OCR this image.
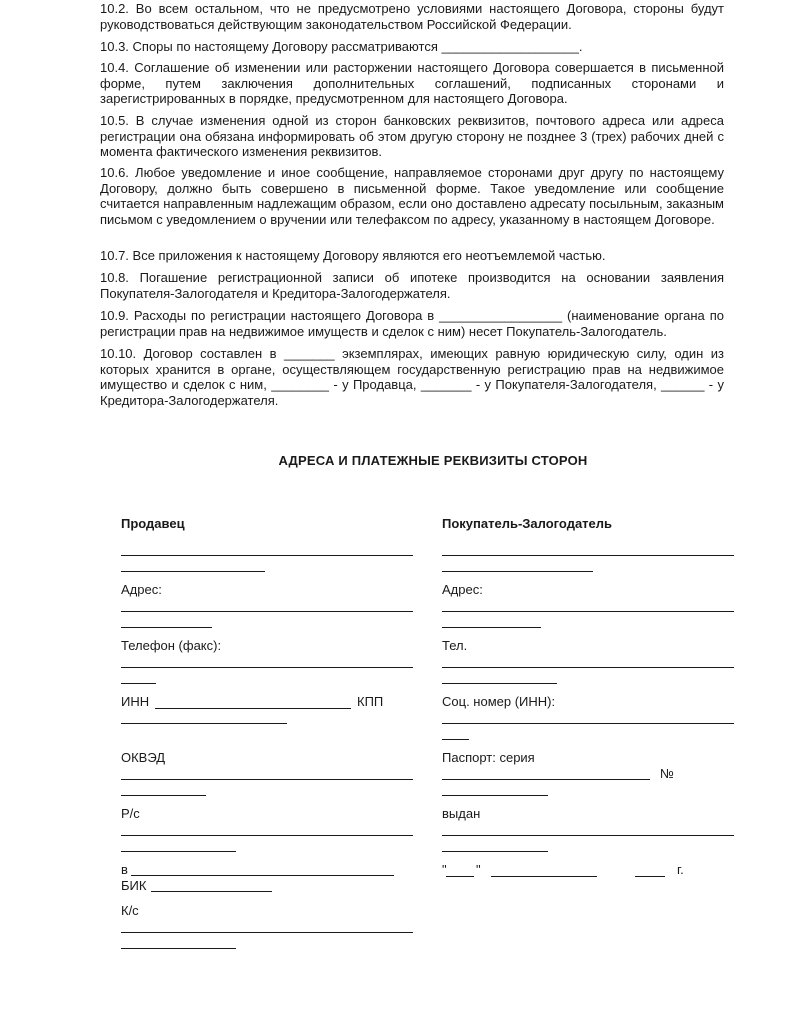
10.2. Во всем остальном, что не предусмотрено условиями настоящего Договора, стороны будут руководствоваться действующим законодательством Российской Федерации.

10.3. Споры по настоящему Договору рассматриваются ___________________.

10.4. Соглашение об изменении или расторжении настоящего Договора совершается в письменной форме, путем заключения дополнительных соглашений, подписанных сторонами и зарегистрированных в порядке, предусмотренном для настоящего Договора.

10.5. В случае изменения одной из сторон банковских реквизитов, почтового адреса или адреса регистрации она обязана информировать об этом другую сторону не позднее 3 (трех) рабочих дней с момента фактического изменения реквизитов.

10.6. Любое уведомление и иное сообщение, направляемое сторонами друг другу по настоящему Договору, должно быть совершено в письменной форме. Такое уведомление или сообщение считается направленным надлежащим образом, если оно доставлено адресату посыльным, заказным письмом с уведомлением о вручении или телефаксом по адресу, указанному в настоящем Договоре.

10.7. Все приложения к настоящему Договору являются его неотъемлемой частью.

10.8. Погашение регистрационной записи об ипотеке производится на основании заявления Покупателя-Залогодателя и Кредитора-Залогодержателя.

10.9. Расходы по регистрации настоящего Договора в _________________ (наименование органа по регистрации прав на недвижимое имуществ и сделок с ним) несет Покупатель-Залогодатель.

10.10. Договор составлен в _______ экземплярах, имеющих равную юридическую силу, один из которых хранится в органе, осуществляющем государственную регистрацию прав на недвижимое имущество и сделок с ним, ________ - у Продавца, _______ - у Покупателя-Залогодателя, ______ - у Кредитора-Залогодержателя.

АДРЕСА И ПЛАТЕЖНЫЕ РЕКВИЗИТЫ СТОРОН
Продавец
Адрес:
Телефон (факс):
ИНН	КПП
ОКВЭД
Р/с
в
БИК
К/с
Покупатель-Залогодатель
Адрес:
Тел.
Соц. номер (ИНН):
Паспорт: серия
№
выдан
" "	г.
